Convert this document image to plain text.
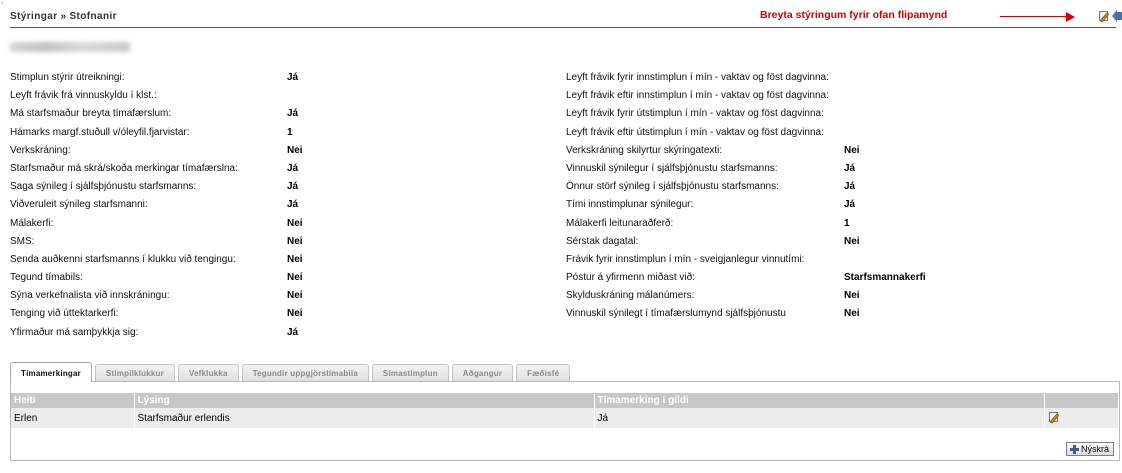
‹
Stýringar » Stofnanir	Breyta stýringum fyrir ofan flipamynd
Stimplun stýrir útreikningi:	Já
Leyft frávik frá vinnuskyldu í klst.:
Má starfsmaður breyta tímafærslum:	Já
Hámarks margf.stuðull v/óleyfil.fjarvistar:	1
Verkskráning:	Nei
Starfsmaður má skrá/skoða merkingar tímafærslna:	Já
Saga sýnileg í sjálfsþjónustu starfsmanns:	Já
Viðveruleit sýnileg starfsmanni:	Já
Málakerfi:	Nei
SMS:	Nei
Senda auðkenni starfsmanns í klukku við tengingu:	Nei
Tegund tímabils:	Nei
Sýna verkefnalista við innskráningu:	Nei
Tenging við úttektarkerfi:	Nei
Yfirmaður má samþykkja sig:	Já
Leyft frávik fyrir innstimplun í mín - vaktav og föst dagvinna:
Leyft frávik eftir innstimplun í mín - vaktav og föst dagvinna:
Leyft frávik fyrir útstimplun í mín - vaktav og föst dagvinna:
Leyft frávik eftir útstimplun í mín - vaktav og föst dagvinna:
Verkskráning skilyrtur skýringatexti:	Nei
Vinnuskil sýnilegur í sjálfsþjónustu starfsmanns:	Já
Önnur störf sýnileg í sjálfsþjónustu starfsmanns:	Já
Tími innstimplunar sýnilegur:	Já
Málakerfi leitunaraðferð:	1
Sérstak dagatal:	Nei
Frávik fyrir innstimplun í mín - sveigjanlegur vinnutími:
Póstur á yfirmenn miðast við:	Starfsmannakerfi
Skylduskráning málanúmers:	Nei
Vinnuskil sýnilegt í tímafærslumynd sjálfsþjónustu	Nei
Tímamerkingar	Stimpilklukkur	Vefklukka	Tegundir uppgjörstímabila	Símastimplun	Aðgangur	Fæðisfé
Heiti	Lýsing	Tímamerking í gildi	
Erlen	Starfsmaður erlendis	Já	
Nýskrá
